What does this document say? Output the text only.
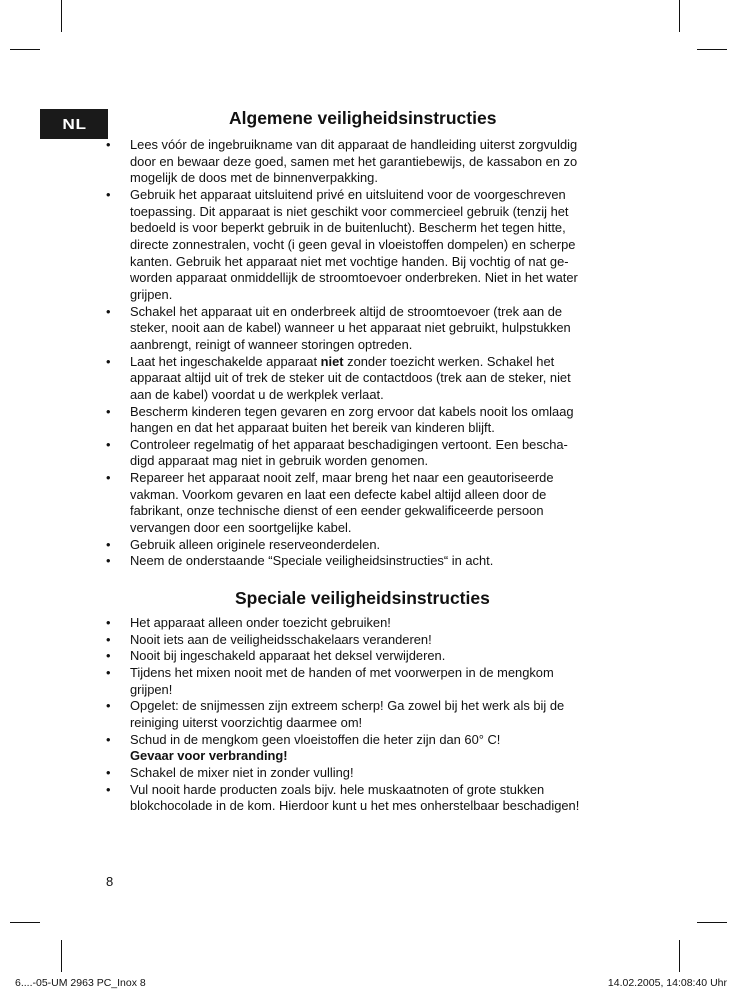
NL	Algemene veiligheidsinstructies
• Lees vóór de ingebruikname van dit apparaat de handleiding uiterst zorgvuldig
door en bewaar deze goed, samen met het garantiebewijs, de kassabon en zo
mogelijk de doos met de binnenverpakking.
• Gebruik het apparaat uitsluitend privé en uitsluitend voor de voorgeschreven
toepassing. Dit apparaat is niet geschikt voor commercieel gebruik (tenzij het
bedoeld is voor beperkt gebruik in de buitenlucht). Bescherm het tegen hitte,
directe zonnestralen, vocht (i geen geval in vloeistoffen dompelen) en scherpe
kanten. Gebruik het apparaat niet met vochtige handen. Bij vochtig of nat ge-
worden apparaat onmiddellijk de stroomtoevoer onderbreken. Niet in het water
grijpen.
• Schakel het apparaat uit en onderbreek altijd de stroomtoevoer (trek aan de
steker, nooit aan de kabel) wanneer u het apparaat niet gebruikt, hulpstukken
aanbrengt, reinigt of wanneer storingen optreden.
• Laat het ingeschakelde apparaat niet zonder toezicht werken. Schakel het
apparaat altijd uit of trek de steker uit de contactdoos (trek aan de steker, niet
aan de kabel) voordat u de werkplek verlaat.
• Bescherm kinderen tegen gevaren en zorg ervoor dat kabels nooit los omlaag
hangen en dat het apparaat buiten het bereik van kinderen blijft.
• Controleer regelmatig of het apparaat beschadigingen vertoont. Een bescha-
digd apparaat mag niet in gebruik worden genomen.
• Repareer het apparaat nooit zelf, maar breng het naar een geautoriseerde
vakman. Voorkom gevaren en laat een defecte kabel altijd alleen door de
fabrikant, onze technische dienst of een eender gekwalificeerde persoon
vervangen door een soortgelijke kabel.
• Gebruik alleen originele reserveonderdelen.
• Neem de onderstaande “Speciale veiligheidsinstructies“ in acht.
Speciale veiligheidsinstructies
• Het apparaat alleen onder toezicht gebruiken!
• Nooit iets aan de veiligheidsschakelaars veranderen!
• Nooit bij ingeschakeld apparaat het deksel verwijderen.
• Tijdens het mixen nooit met de handen of met voorwerpen in de mengkom
grijpen!
• Opgelet: de snijmessen zijn extreem scherp! Ga zowel bij het werk als bij de
reiniging uiterst voorzichtig daarmee om!
• Schud in de mengkom geen vloeistoffen die heter zijn dan 60° C!
Gevaar voor verbranding!
• Schakel de mixer niet in zonder vulling!
• Vul nooit harde producten zoals bijv. hele muskaatnoten of grote stukken
blokchocolade in de kom. Hierdoor kunt u het mes onherstelbaar beschadigen!
8
6....-05-UM 2963 PC_Inox 8	14.02.2005, 14:08:40 Uhr
